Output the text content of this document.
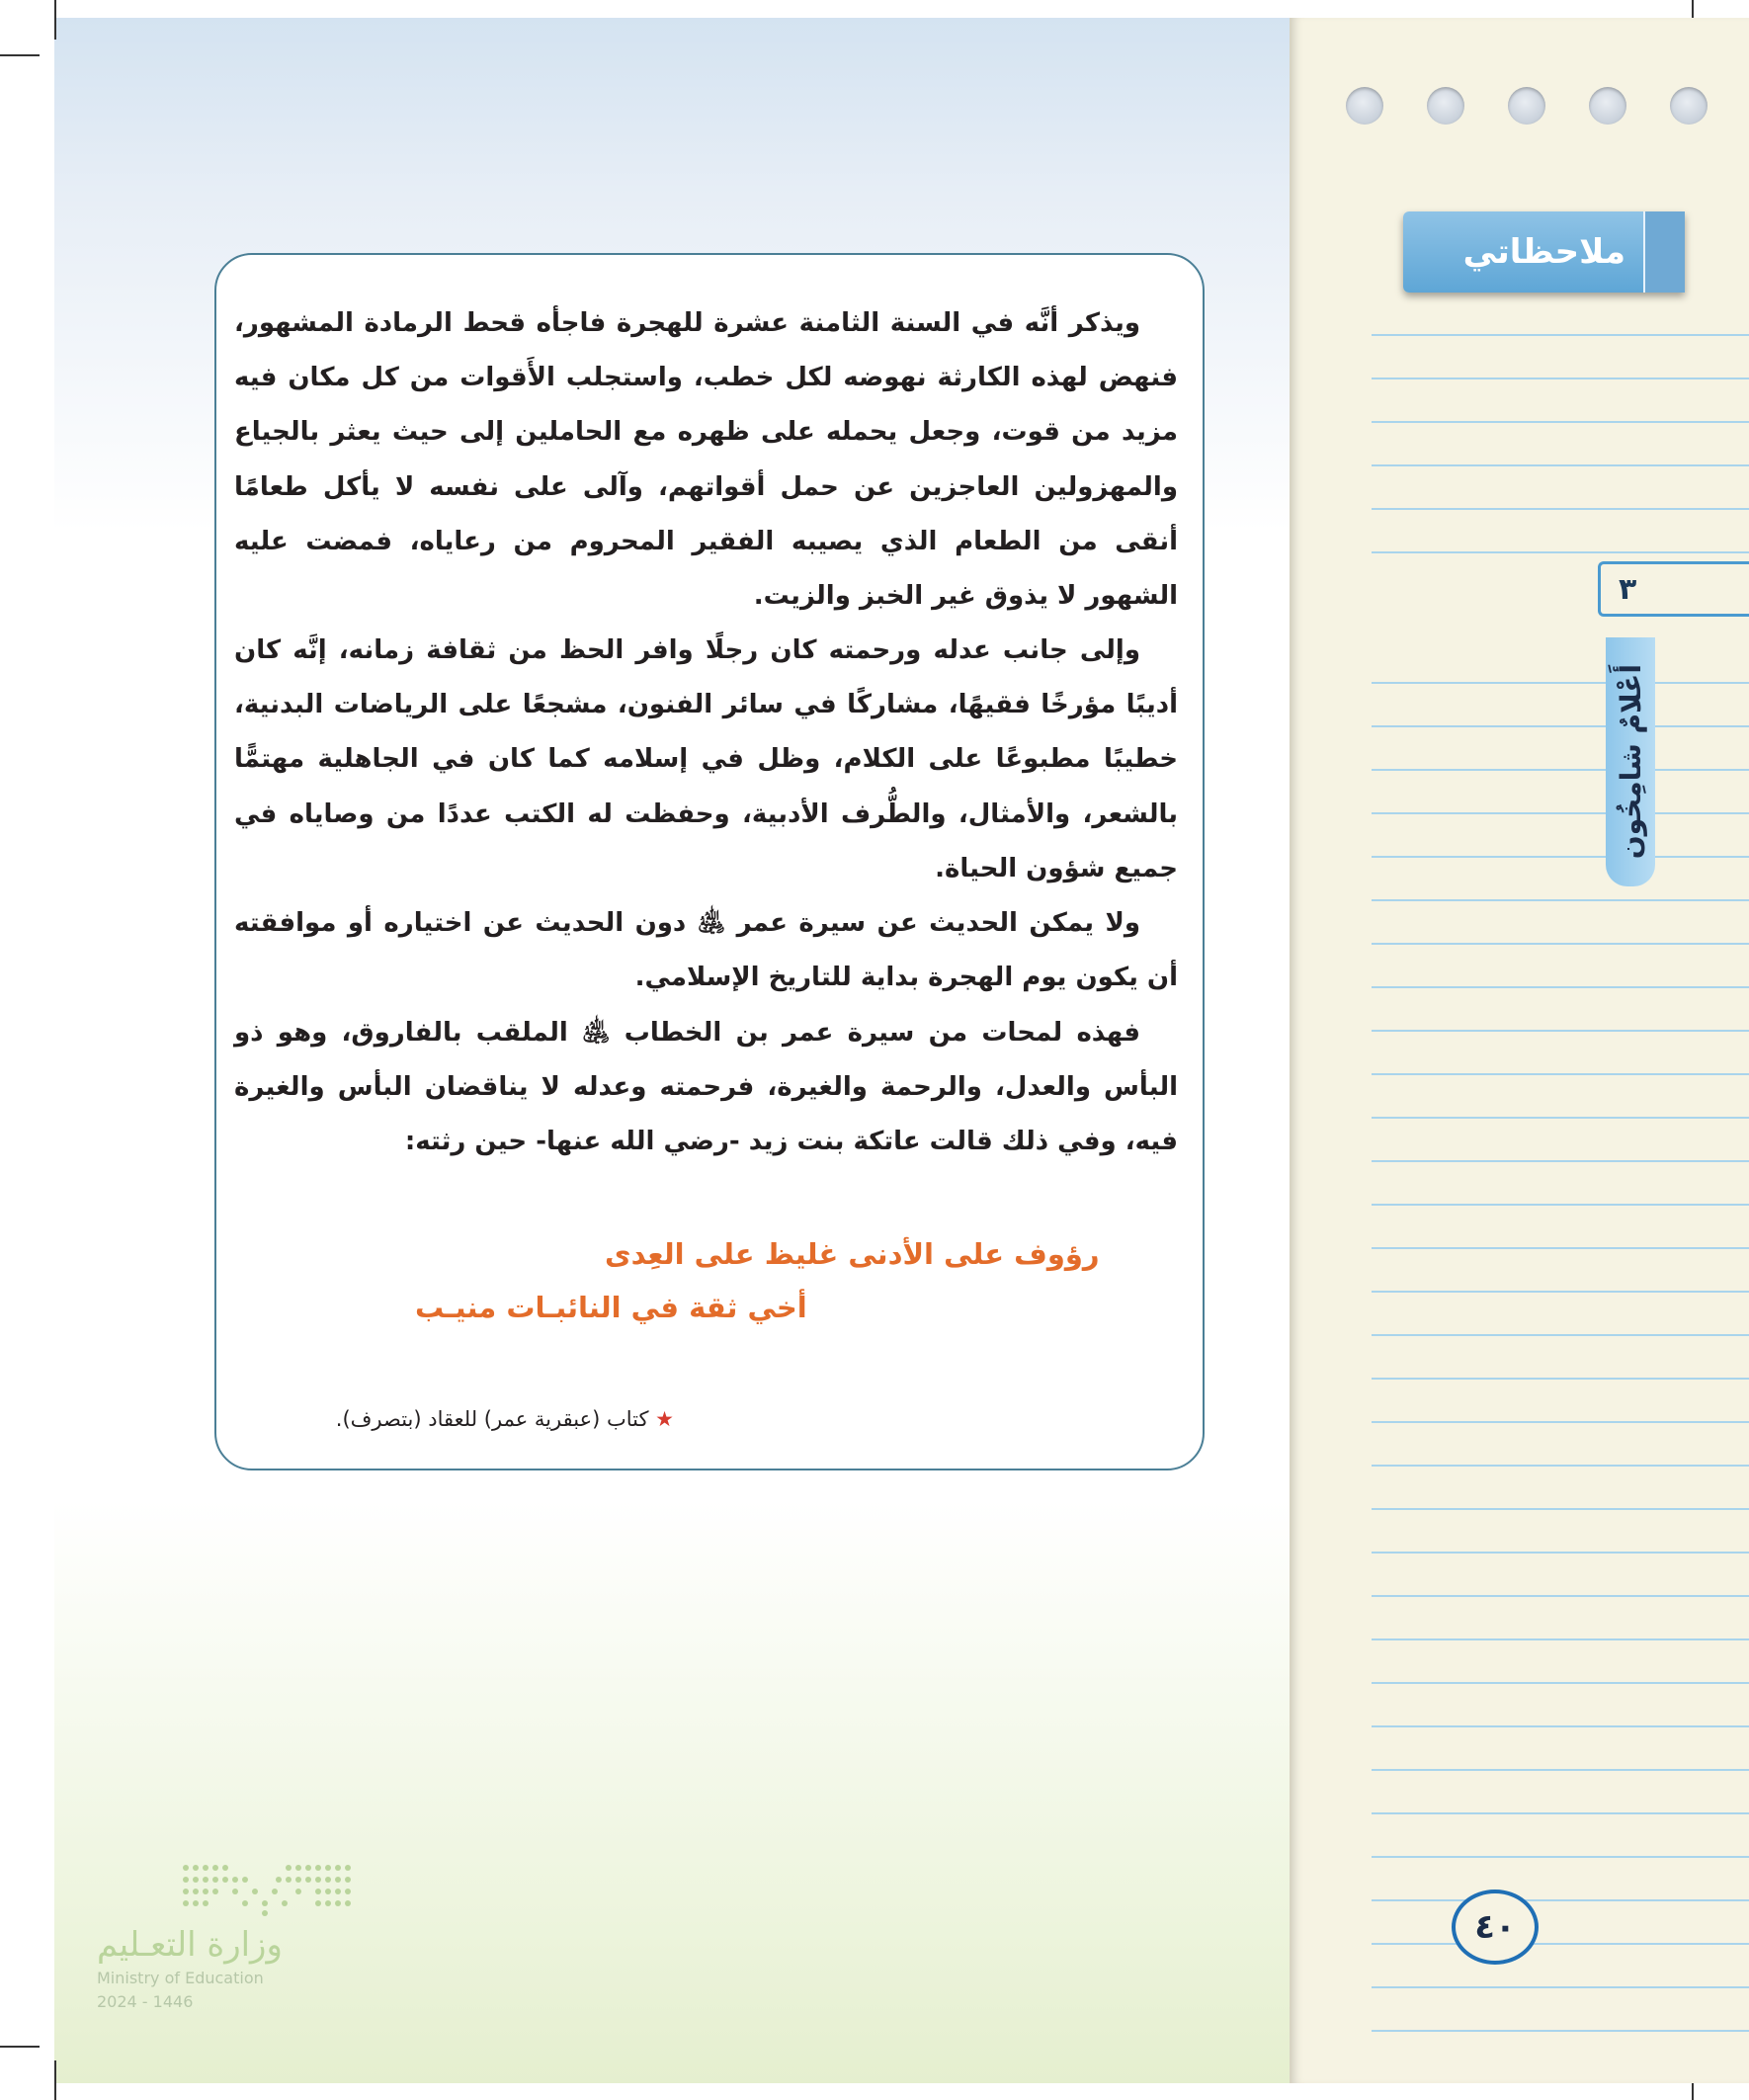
ملاحظاتي
٣
أَعْلامٌ شامِخُون
٤٠

ويذكر أنَّه في السنة الثامنة عشرة للهجرة فاجأه قحط الرمادة المشهور، فنهض لهذه الكارثة نهوضه لكل خطب، واستجلب الأَقوات من كل مكان فيه مزيد من قوت، وجعل يحمله على ظهره مع الحاملين إلى حيث يعثر بالجياع والمهزولين العاجزين عن حمل أقواتهم، وآلى على نفسه لا يأكل طعامًا أنقى من الطعام الذي يصيبه الفقير المحروم من رعاياه، فمضت عليه الشهور لا يذوق غير الخبز والزيت.

وإلى جانب عدله ورحمته كان رجلًا وافر الحظ من ثقافة زمانه، إنَّه كان أديبًا مؤرخًا فقيهًا، مشاركًا في سائر الفنون، مشجعًا على الرياضات البدنية، خطيبًا مطبوعًا على الكلام، وظل في إسلامه كما كان في الجاهلية مهتمًّا بالشعر، والأمثال، والطُّرف الأدبية، وحفظت له الكتب عددًا من وصاياه في جميع شؤون الحياة.

ولا يمكن الحديث عن سيرة عمر ﵁ دون الحديث عن اختياره أو موافقته أن يكون يوم الهجرة بداية للتاريخ الإسلامي.

فهذه لمحات من سيرة عمر بن الخطاب ﵁ الملقب بالفاروق، وهو ذو البأس والعدل، والرحمة والغيرة، فرحمته وعدله لا يناقضان البأس والغيرة فيه، وفي ذلك قالت عاتكة بنت زيد -رضي الله عنها- حين رثته:

رؤوف على الأدنى غليظ على العِدى
أخي ثقة في النائبـات منيـب
★ كتاب (عبقرية عمر) للعقاد (بتصرف).
وزارة التعـليم
Ministry of Education
2024 - 1446
